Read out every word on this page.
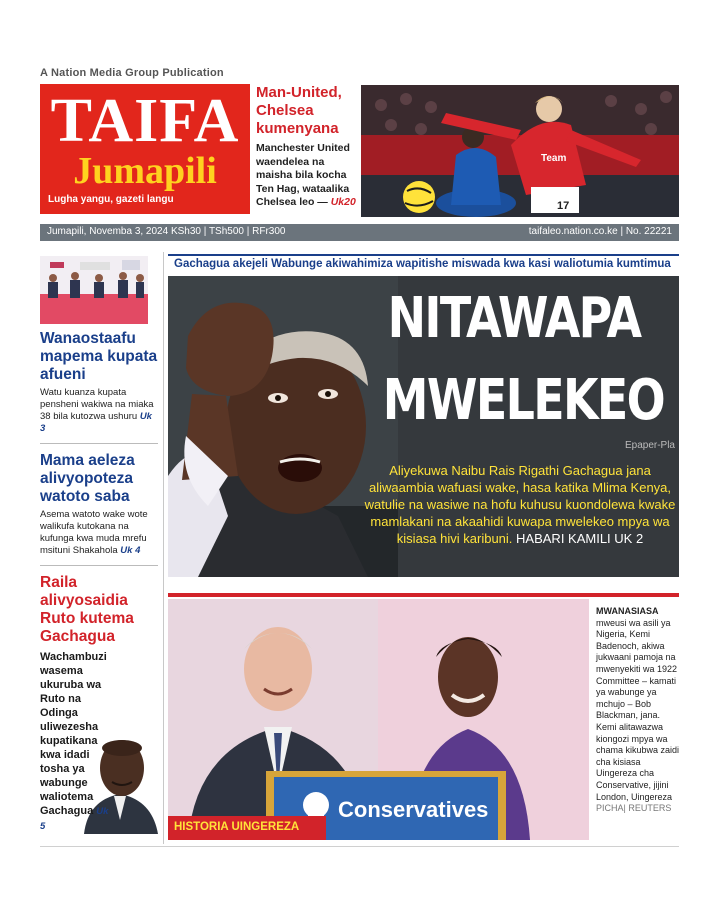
A Nation Media Group Publication
TAIFA
Jumapili
Lugha yangu, gazeti langu
Man-United, Chelsea kumenyana
Manchester United waendelea na maisha bila kocha Ten Hag, wataalika Chelsea leo — Uk20
Team
17
Jumapili, Novemba 3, 2024 KSh30 | TSh500 | RFr300	taifaleo.nation.co.ke | No. 22221
Wanaostaafu mapema kupata afueni
Watu kuanza kupata pensheni wakiwa na miaka 38 bila kutozwa ushuru Uk 3
Mama aeleza alivyopoteza watoto saba
Asema watoto wake wote walikufa kutokana na kufunga kwa muda mrefu msituni Shakahola Uk 4
Raila alivyosaidia Ruto kutema Gachagua
Wachambuzi wasema ukuruba wa Ruto na Odinga uliwezesha kupatikana kwa idadi tosha ya wabunge waliotema Gachagua Uk 5
Gachagua akejeli Wabunge akiwahimiza wapitishe miswada kwa kasi waliotumia kumtimua
NITAWAPA
MWELEKEO
Epaper-Pla
Aliyekuwa Naibu Rais Rigathi Gachagua jana aliwaambia wafuasi wake, hasa katika Mlima Kenya, watulie na wasiwe na hofu kuhusu kuondolewa kwake mamlakani na akaahidi kuwapa mwelekeo mpya wa kisiasa hivi karibuni. HABARI KAMILI UK 2
Conservatives
HISTORIA UINGEREZA
MWANASIASA mweusi wa asili ya Nigeria, Kemi Badenoch, akiwa jukwaani pamoja na mwenyekiti wa 1922 Committee – kamati ya wabunge ya mchujo – Bob Blackman, jana. Kemi alitawazwa kiongozi mpya wa chama kikubwa zaidi cha kisiasa Uingereza cha Conservative, jijini London, Uingereza PICHA| REUTERS
